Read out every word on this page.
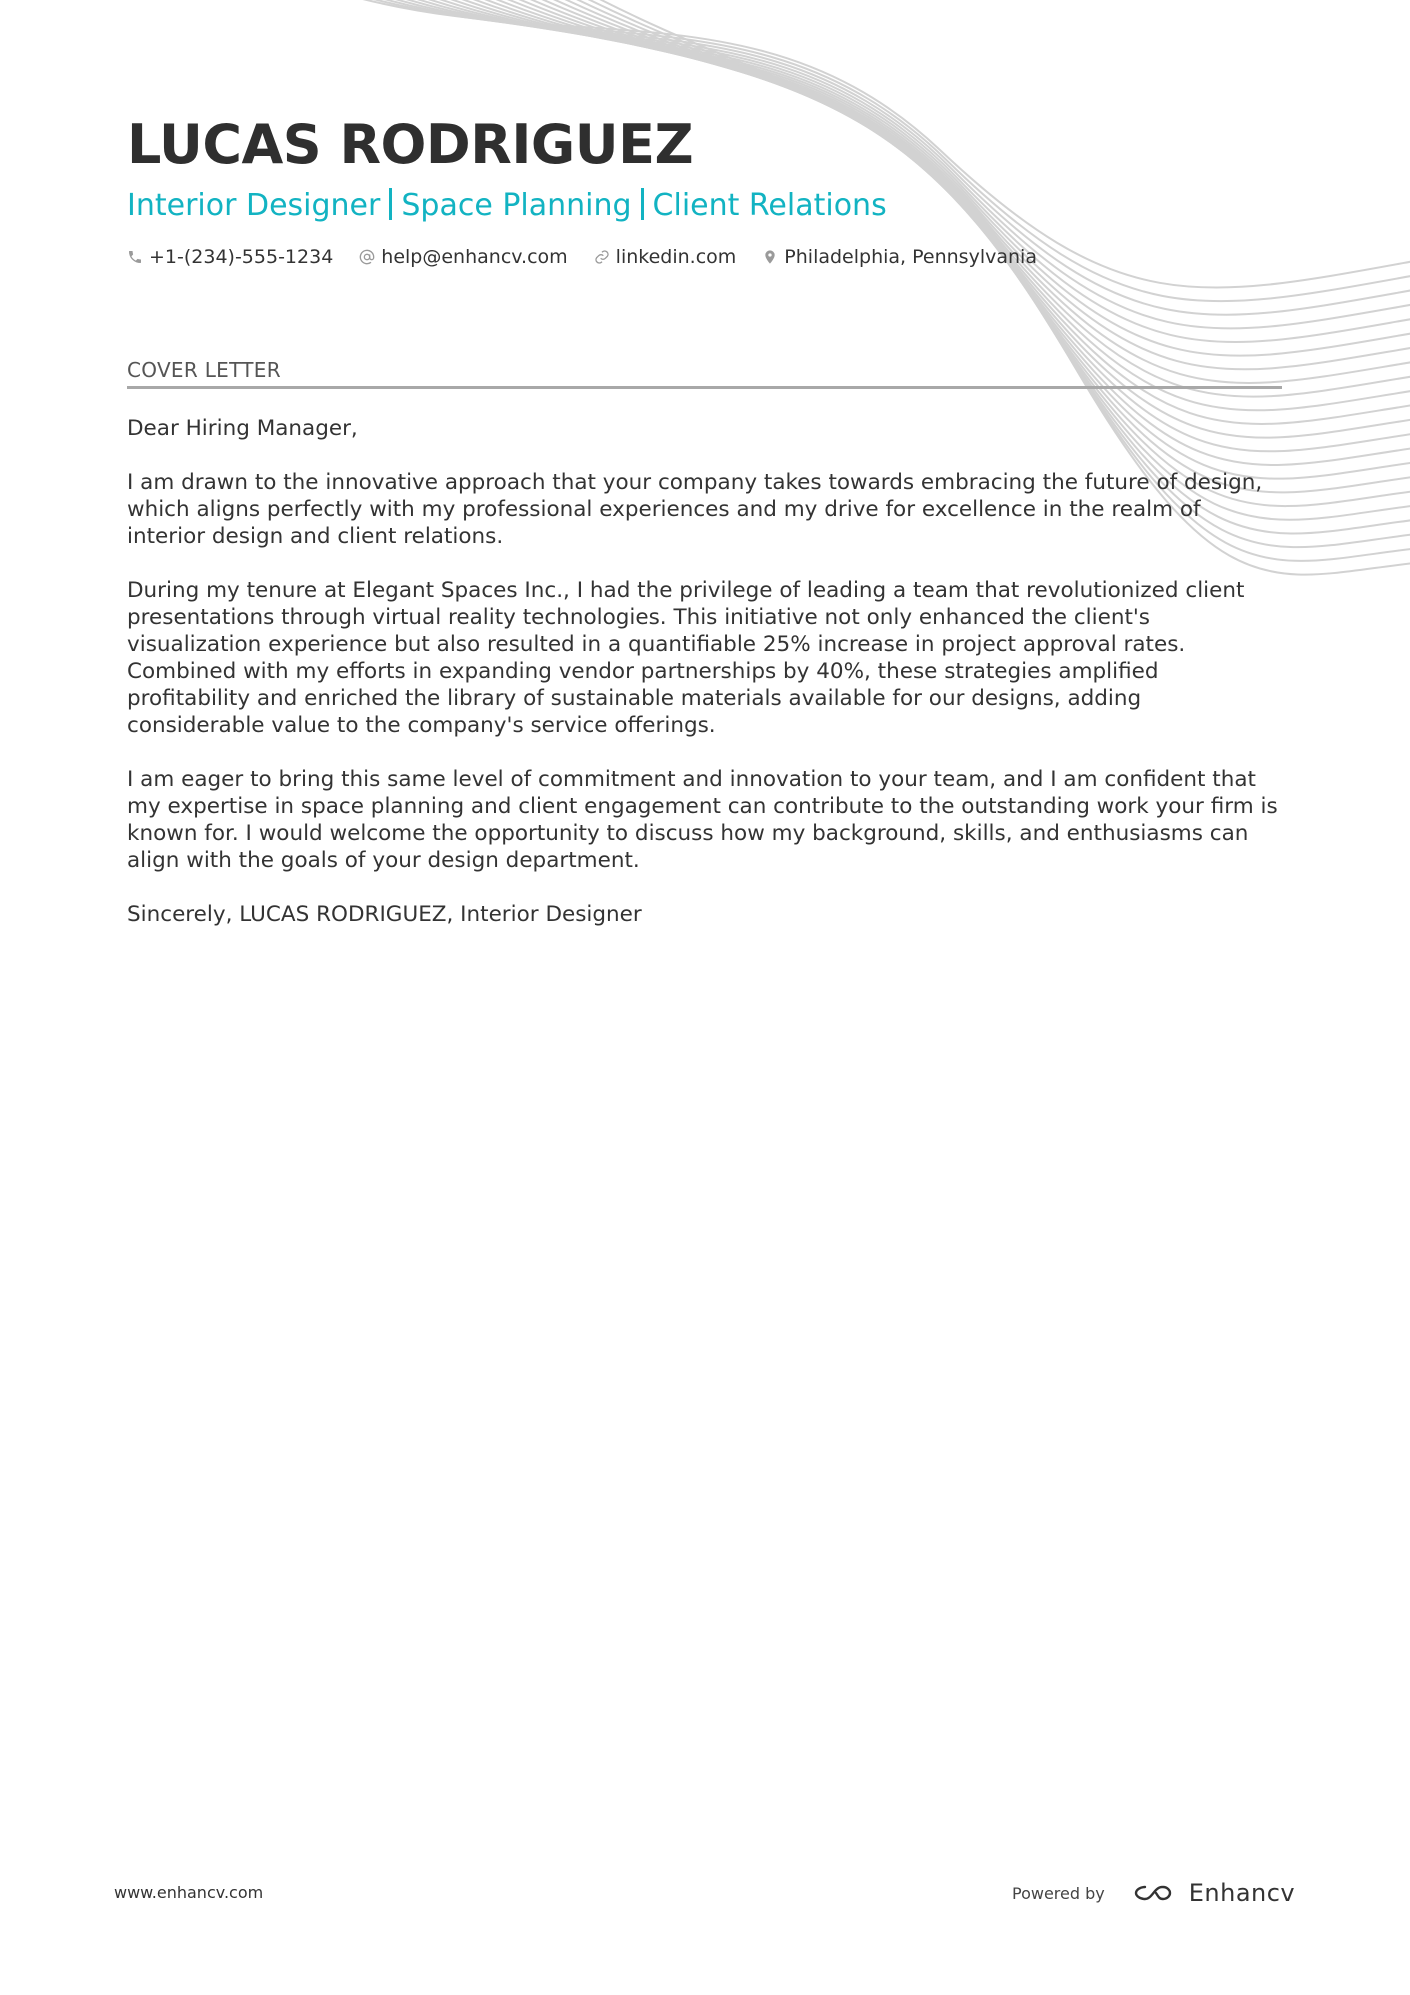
LUCAS RODRIGUEZ
Interior Designer Space Planning Client Relations
+1-(234)-555-1234	help@enhancv.com	linkedin.com	Philadelphia, Pennsylvania
COVER LETTER

Dear Hiring Manager,

I am drawn to the innovative approach that your company takes towards embracing the future of design, which aligns perfectly with my professional experiences and my drive for excellence in the realm of interior design and client relations.

During my tenure at Elegant Spaces Inc., I had the privilege of leading a team that revolutionized client presentations through virtual reality technologies. This initiative not only enhanced the client's visualization experience but also resulted in a quantifiable 25% increase in project approval rates. Combined with my efforts in expanding vendor partnerships by 40%, these strategies amplified profitability and enriched the library of sustainable materials available for our designs, adding considerable value to the company's service offerings.

I am eager to bring this same level of commitment and innovation to your team, and I am confident that my expertise in space planning and client engagement can contribute to the outstanding work your firm is known for. I would welcome the opportunity to discuss how my background, skills, and enthusiasms can align with the goals of your design department.

Sincerely, LUCAS RODRIGUEZ, Interior Designer

www.enhancv.com	Powered by	Enhancv
